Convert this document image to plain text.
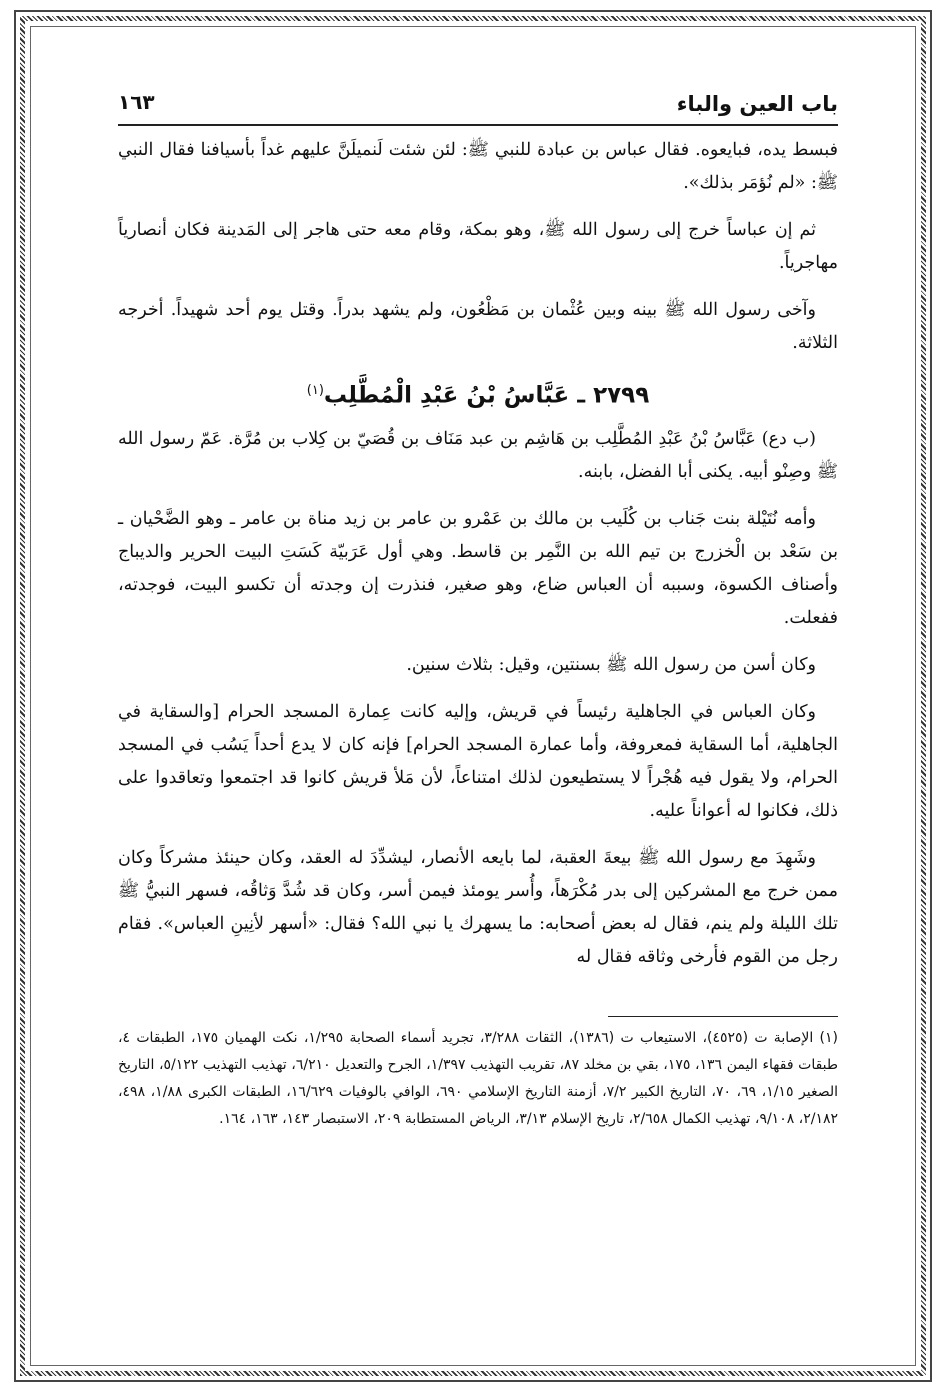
باب العين والباء
١٦٣

فبسط يده، فبايعوه. فقال عباس بن عبادة للنبي ﷺ: لئن شئت لَنميلَنَّ عليهم غداً بأسيافنا فقال النبي ﷺ: «لم نُؤمَر بذلك».

ثم إن عباساً خرج إلى رسول الله ﷺ، وهو بمكة، وقام معه حتى هاجر إلى المَدينة فكان أنصارياً مهاجرياً.

وآخى رسول الله ﷺ بينه وبين عُثْمان بن مَظْعُون، ولم يشهد بدراً. وقتل يوم أحد شهيداً. أخرجه الثلاثة.

٢٧٩٩ ـ عَبَّاسُ بْنُ عَبْدِ الْمُطَّلِب$^{(١)}$

(ب دع) عَبَّاسُ بْنُ عَبْدِ المُطَّلِب بن هَاشِم بن عبد مَنَاف بن قُصَيّ بن كِلاب بن مُرَّة. عَمّ رسول الله ﷺ وصِنْو أبيه. يكنى أبا الفضل، بابنه.

وأمه نُتَيْلة بنت جَناب بن كُلَيب بن مالك بن عَمْرو بن عامر بن زيد مناة بن عامر ـ وهو الضَّحْيان ـ بن سَعْد بن الْخزرج بن تيم الله بن النَّمِر بن قاسط. وهي أول عَرَبيّة كَسَتِ البيت الحرير والديباج وأصناف الكسوة، وسببه أن العباس ضاع، وهو صغير، فنذرت إن وجدته أن تكسو البيت، فوجدته، ففعلت.

وكان أسن من رسول الله ﷺ بسنتين، وقيل: بثلاث سنين.

وكان العباس في الجاهلية رئيساً في قريش، وإليه كانت عِمارة المسجد الحرام [والسقاية في الجاهلية، أما السقاية فمعروفة، وأما عمارة المسجد الحرام] فإنه كان لا يدع أحداً يَسُب في المسجد الحرام، ولا يقول فيه هُجْراً لا يستطيعون لذلك امتناعاً، لأن مَلأ قريش كانوا قد اجتمعوا وتعاقدوا على ذلك، فكانوا له أعواناً عليه.

وشَهِدَ مع رسول الله ﷺ بيعةَ العقبة، لما بايعه الأنصار، ليشدِّدَ له العقد، وكان حينئذ مشركاً وكان ممن خرج مع المشركين إلى بدر مُكْرَهاً، وأُسر يومئذ فيمن أسر، وكان قد شُدَّ وَثاقُه، فسهر النبيُّ ﷺ تلك الليلة ولم ينم، فقال له بعض أصحابه: ما يسهرك يا نبي الله؟ فقال: «أسهر لأنِينِ العباس». فقام رجل من القوم فأرخى وثاقه فقال له

(١) الإصابة ت (٤٥٢٥)، الاستيعاب ت (١٣٨٦)، الثقات ٣/٢٨٨، تجريد أسماء الصحابة ١/٢٩٥، نكت الهميان ١٧٥، الطبقات ٤، طبقات فقهاء اليمن ١٣٦، ١٧٥، بقي بن مخلد ٨٧، تقريب التهذيب ١/٣٩٧، الجرح والتعديل ٦/٢١٠، تهذيب التهذيب ٥/١٢٢، التاريخ الصغير ١/١٥، ٦٩، ٧٠، التاريخ الكبير ٧/٢، أزمنة التاريخ الإسلامي ٦٩٠، الوافي بالوفيات ١٦/٦٢٩، الطبقات الكبرى ١/٨٨، ٤٩٨، ٢/١٨٢، ٩/١٠٨، تهذيب الكمال ٢/٦٥٨، تاريخ الإسلام ٣/١٣، الرياض المستطابة ٢٠٩، الاستبصار ١٤٣، ١٦٣، ١٦٤.
